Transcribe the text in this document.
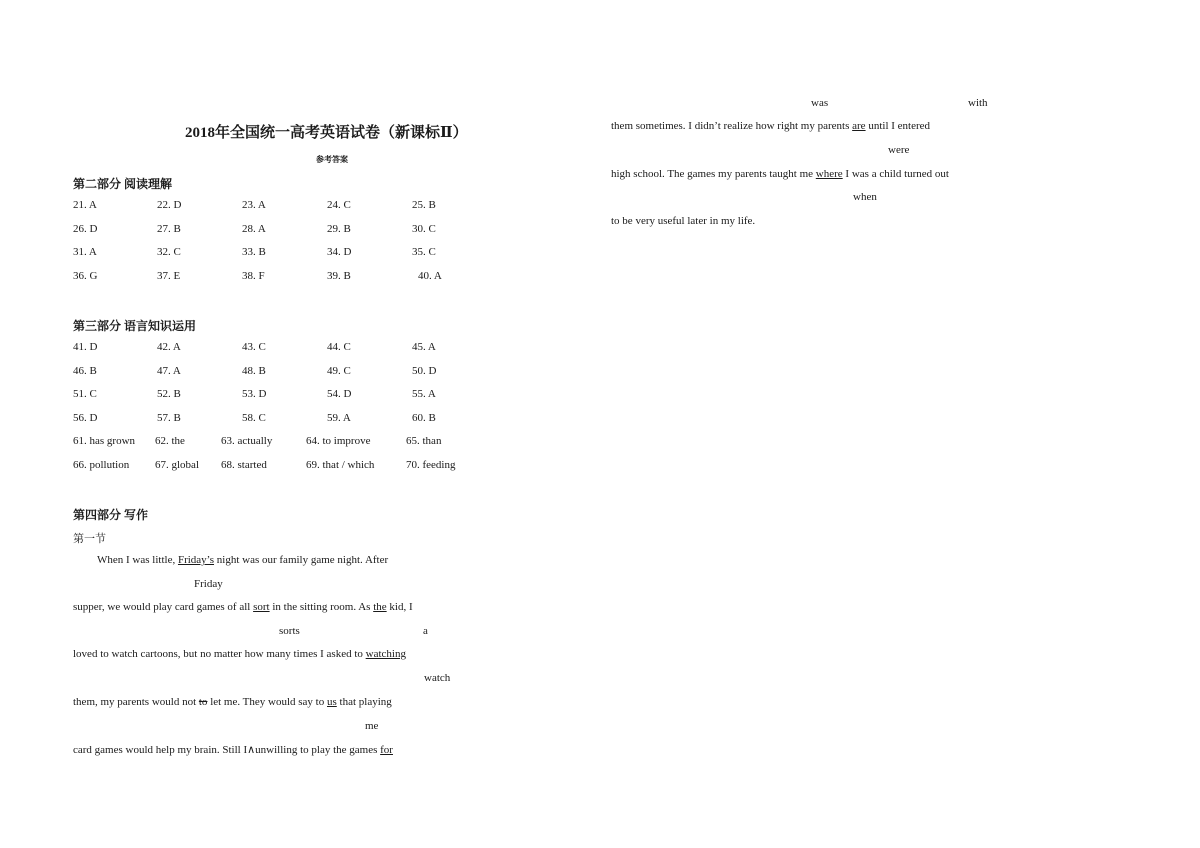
2018年全国统一高考英语试卷（新课标Ⅱ）
参考答案
第二部分 阅读理解
21. A	22. D	23. A	24. C	25. B
26. D	27. B	28. A	29. B	30. C
31. A	32. C	33. B	34. D	35. C
36. G	37. E	38. F	39. B	40. A
第三部分 语言知识运用
41. D	42. A	43. C	44. C	45. A
46. B	47. A	48. B	49. C	50. D
51. C	52. B	53. D	54. D	55. A
56. D	57. B	58. C	59. A	60. B
61. has grown 62. the	63. actually	64. to improve	65. than
66. pollution 67. global 68. started	69. that / which	70. feeding
第四部分 写作
第一节
When I was little, Friday’s night was our family game night. After
Friday
supper, we would play card games of all sort in the sitting room. As the kid, I
sorts	a
loved to watch cartoons, but no matter how many times I asked to watching
watch
them, my parents would not to let me. They would say to us that playing
me
card games would help my brain. Still I∧unwilling to play the games for
was	with
them sometimes. I didn’t realize how right my parents are until I entered
were
high school. The games my parents taught me where I was a child turned out
when
to be very useful later in my life.
